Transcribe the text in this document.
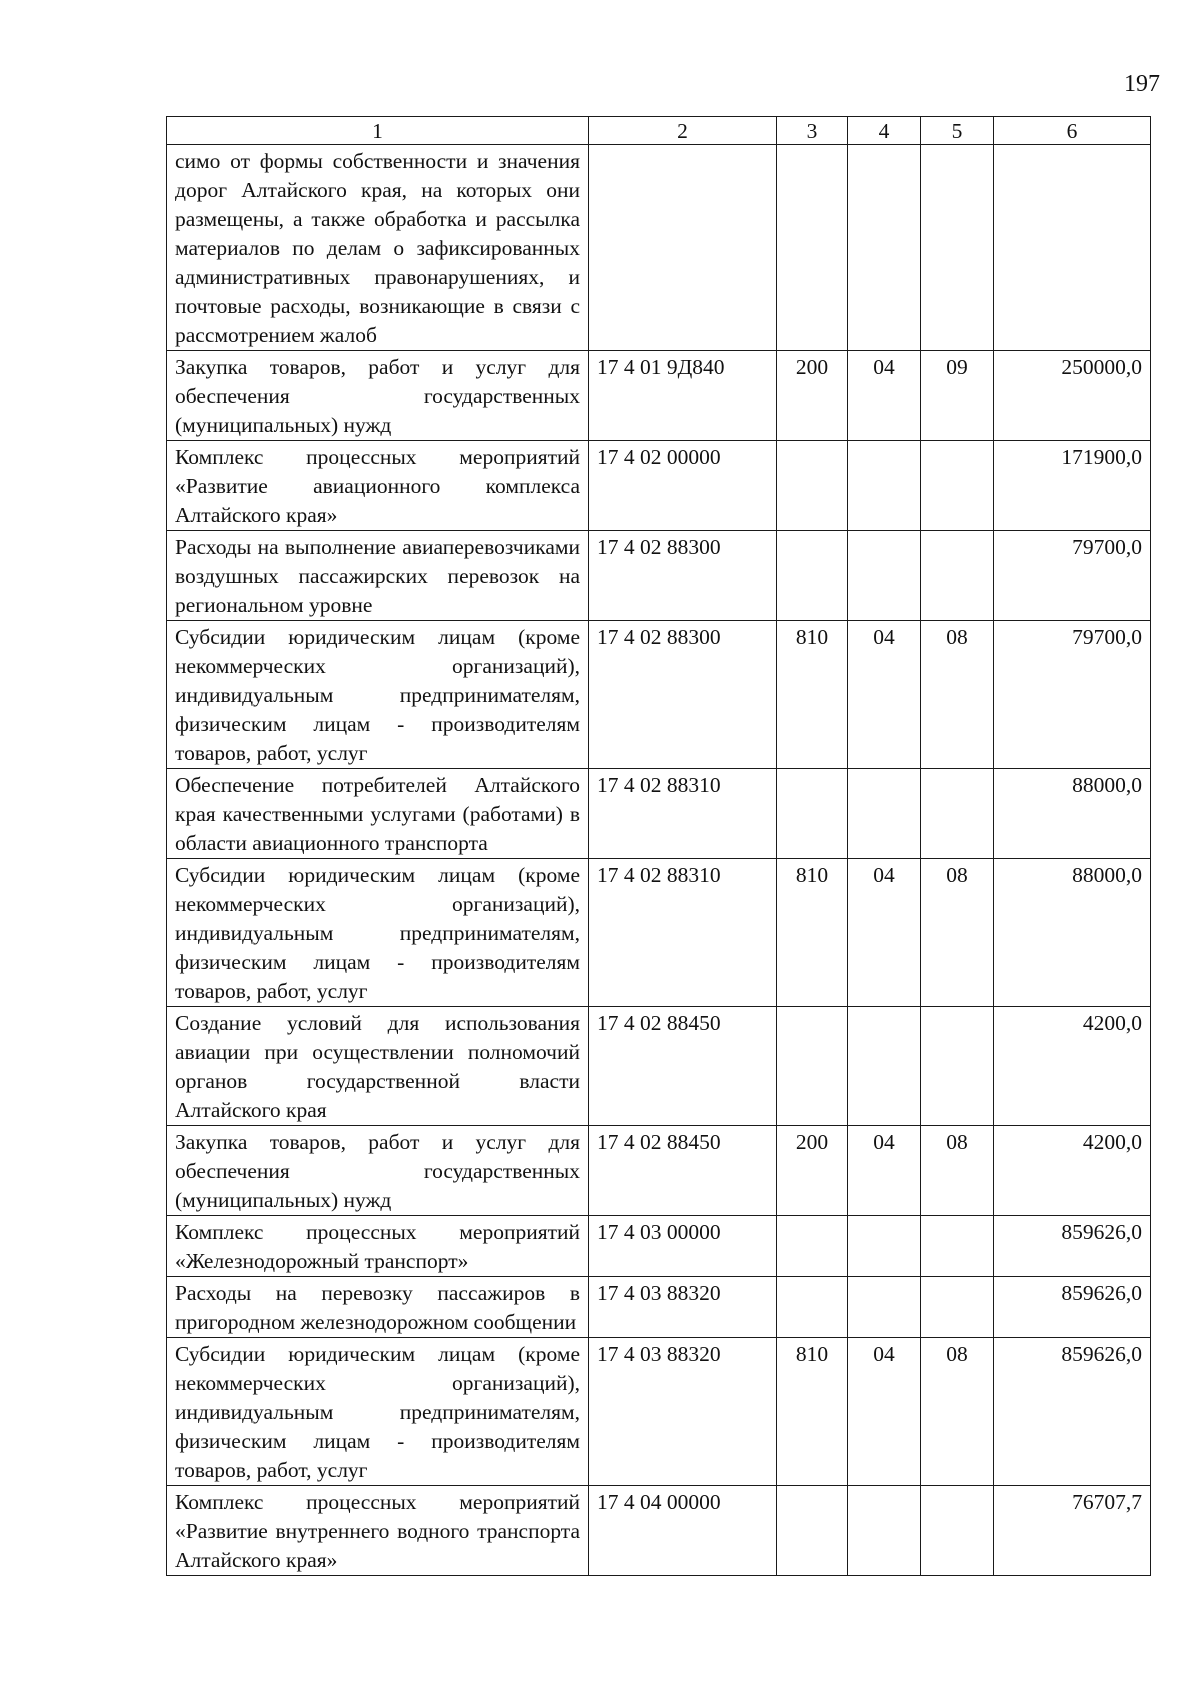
197
1	2	3	4	5	6
симо от формы собственности и значения дорог Алтайского края, на которых они размещены, а также обработка и рассылка материалов по делам о зафиксированных административных правонарушениях, и почтовые расходы, возникающие в связи с рассмотрением жалоб					
Закупка товаров, работ и услуг для обеспечения государственных (муниципальных) нужд	17 4 01 9Д840	200	04	09	250000,0
Комплекс процессных мероприятий «Развитие авиационного комплекса Алтайского края»	17 4 02 00000				171900,0
Расходы на выполнение авиаперевозчиками воздушных пассажирских перевозок на региональном уровне	17 4 02 88300				79700,0
Субсидии юридическим лицам (кроме некоммерческих организаций), индивидуальным предпринимателям, физическим лицам - производителям товаров, работ, услуг	17 4 02 88300	810	04	08	79700,0
Обеспечение потребителей Алтайского края качественными услугами (работами) в области авиационного транспорта	17 4 02 88310				88000,0
Субсидии юридическим лицам (кроме некоммерческих организаций), индивидуальным предпринимателям, физическим лицам - производителям товаров, работ, услуг	17 4 02 88310	810	04	08	88000,0
Создание условий для использования авиации при осуществлении полномочий органов государственной власти Алтайского края	17 4 02 88450				4200,0
Закупка товаров, работ и услуг для обеспечения государственных (муниципальных) нужд	17 4 02 88450	200	04	08	4200,0
Комплекс процессных мероприятий «Железнодорожный транспорт»	17 4 03 00000				859626,0
Расходы на перевозку пассажиров в пригородном железнодорожном сообщении	17 4 03 88320				859626,0
Субсидии юридическим лицам (кроме некоммерческих организаций), индивидуальным предпринимателям, физическим лицам - производителям товаров, работ, услуг	17 4 03 88320	810	04	08	859626,0
Комплекс процессных мероприятий «Развитие внутреннего водного транспорта Алтайского края»	17 4 04 00000				76707,7
